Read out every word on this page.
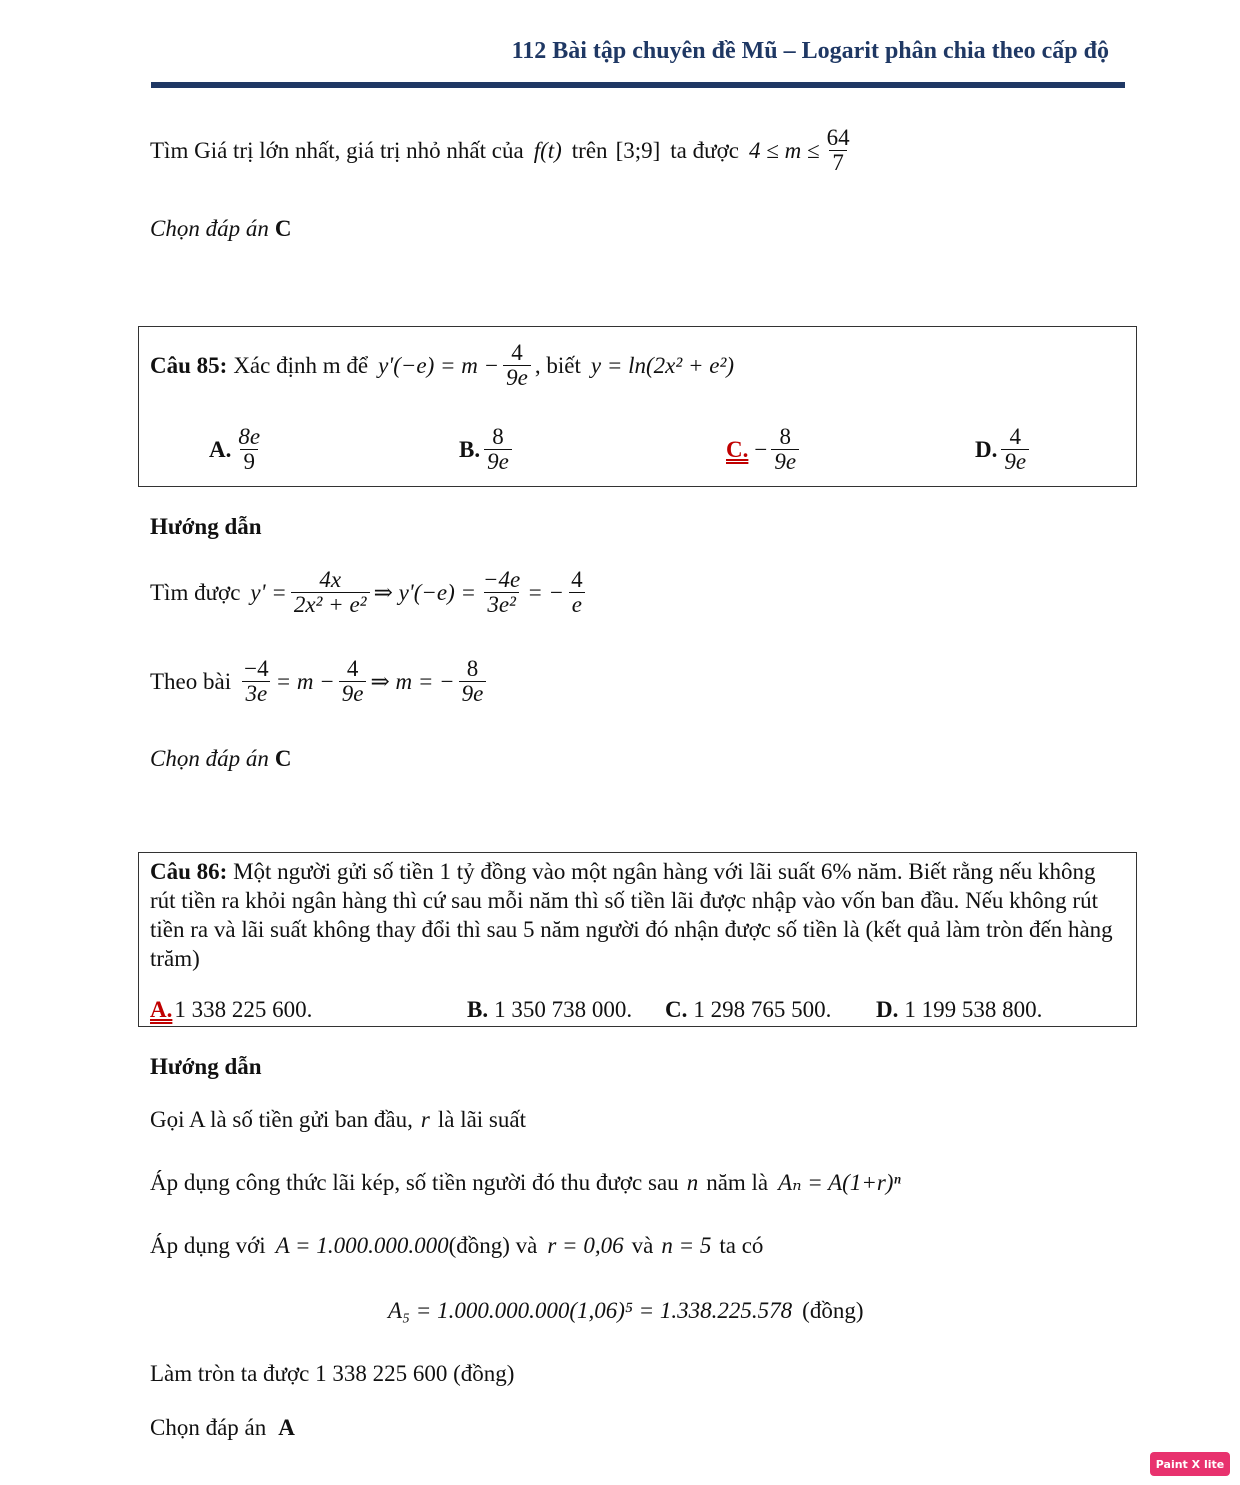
112 Bài tập chuyên đề Mũ – Logarit phân chia theo cấp độ
Tìm Giá trị lớn nhất, giá trị nhỏ nhất của f(t) trên [3;9] ta được $4 \le m \le \frac{64}{7}$
Chọn đáp án C
Câu 85: Xác định m để $y'(-e) = m - \frac{4}{9e}$ , biết y = ln(2x² + e²)
A. $\frac{8e}{9}$	B. $\frac{8}{9e}$	C. − $\frac{8}{9e}$	D. $\frac{4}{9e}$
Hướng dẫn
Tìm được $y' = \frac{4x}{\text{2x² + e²}}$ ⇒ $y'(-e) = \frac{-4e}{\text{3e²}}$ = − $\frac{4}{e}$
Theo bài $\frac{-4}{3e} = m - \frac{4}{9e}$ ⇒ m = − $\frac{8}{9e}$
Chọn đáp án C
Câu 86: Một người gửi số tiền 1 tỷ đồng vào một ngân hàng với lãi suất 6% năm. Biết rằng nếu không rút tiền ra khỏi ngân hàng thì cứ sau mỗi năm thì số tiền lãi được nhập vào vốn ban đầu. Nếu không rút tiền ra và lãi suất không thay đổi thì sau 5 năm người đó nhận được số tiền là (kết quả làm tròn đến hàng trăm)
A. 1 338 225 600.	B. 1 350 738 000. C. 1 298 765 500. D. 1 199 538 800.
Hướng dẫn
Gọi A là số tiền gửi ban đầu, r là lãi suất
Áp dụng công thức lãi kép, số tiền người đó thu được sau n năm là Aₙ = A(1+r)ⁿ
Áp dụng với A = 1.000.000.000 (đồng) và r = 0,06 và n = 5 ta có
A₅ = 1.000.000.000(1,06)⁵ = 1.338.225.578 (đồng)
Làm tròn ta được 1 338 225 600 (đồng)
Chọn đáp án A
Paint X lite
